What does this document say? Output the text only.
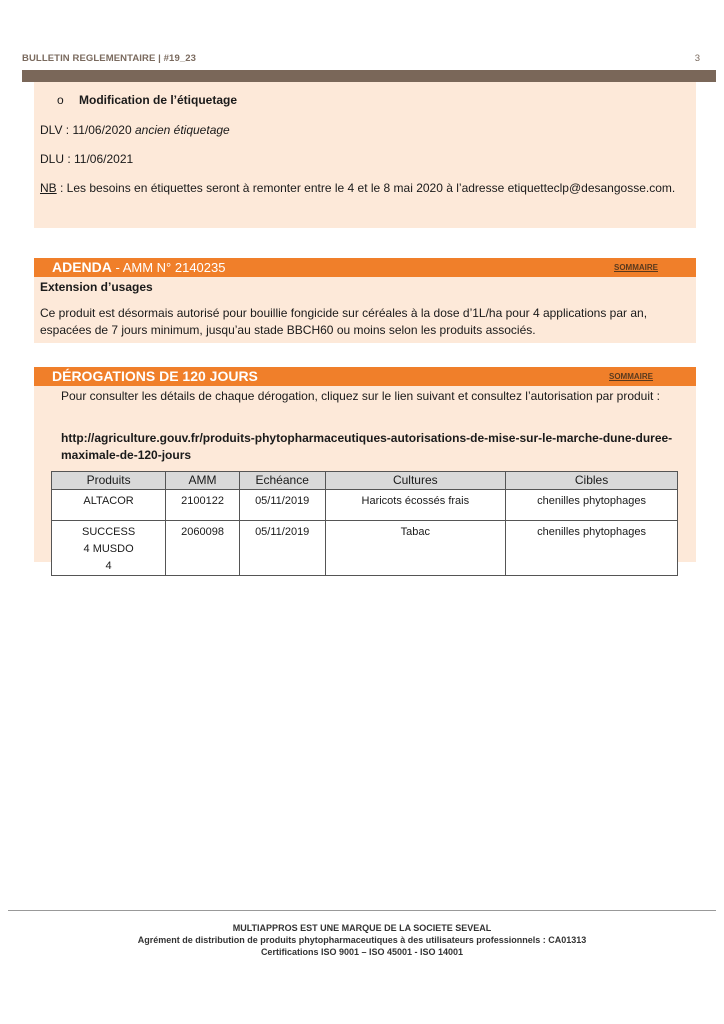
BULLETIN REGLEMENTAIRE | #19_23	3
o Modification de l’étiquetage

DLV : 11/06/2020 ancien étiquetage

DLU : 11/06/2021

NB : Les besoins en étiquettes seront à remonter entre le 4 et le 8 mai 2020 à l’adresse etiquetteclp@desangosse.com.

ADENDA - AMM N° 2140235	SOMMAIRE

Extension d’usages

Ce produit est désormais autorisé pour bouillie fongicide sur céréales à la dose d’1L/ha pour 4 applications par an, espacées de 7 jours minimum, jusqu’au stade BBCH60 ou moins selon les produits associés.

DÉROGATIONS DE 120 JOURS	SOMMAIRE

Pour consulter les détails de chaque dérogation, cliquez sur le lien suivant et consultez l’autorisation par produit :

http://agriculture.gouv.fr/produits-phytopharmaceutiques-autorisations-de-mise-sur-le-marche-dune-duree-maximale-de-120-jours
Produits	AMM	Echéance	Cultures	Cibles
ALTACOR	2100122	05/11/2019	Haricots écossés frais	chenilles phytophages
SUCCESS 4 MUSDO 4	2060098	05/11/2019	Tabac	chenilles phytophages
MULTIAPPROS EST UNE MARQUE DE LA SOCIETE SEVEAL
Agrément de distribution de produits phytopharmaceutiques à des utilisateurs professionnels : CA01313
Certifications ISO 9001 – ISO 45001 - ISO 14001
